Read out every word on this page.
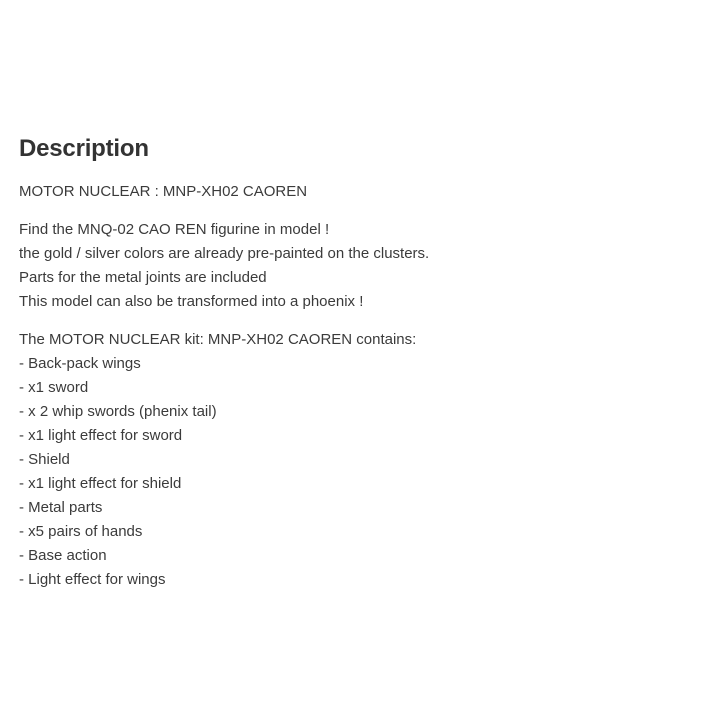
Description

MOTOR NUCLEAR : MNP-XH02 CAOREN

Find the MNQ-02 CAO REN figurine in model !
the gold / silver colors are already pre-painted on the clusters.
Parts for the metal joints are included
This model can also be transformed into a phoenix !

The MOTOR NUCLEAR kit: MNP-XH02 CAOREN contains:
- Back-pack wings
- x1 sword
- x 2 whip swords (phenix tail)
- x1 light effect for sword
- Shield
- x1 light effect for shield
- Metal parts
- x5 pairs of hands
- Base action
- Light effect for wings
